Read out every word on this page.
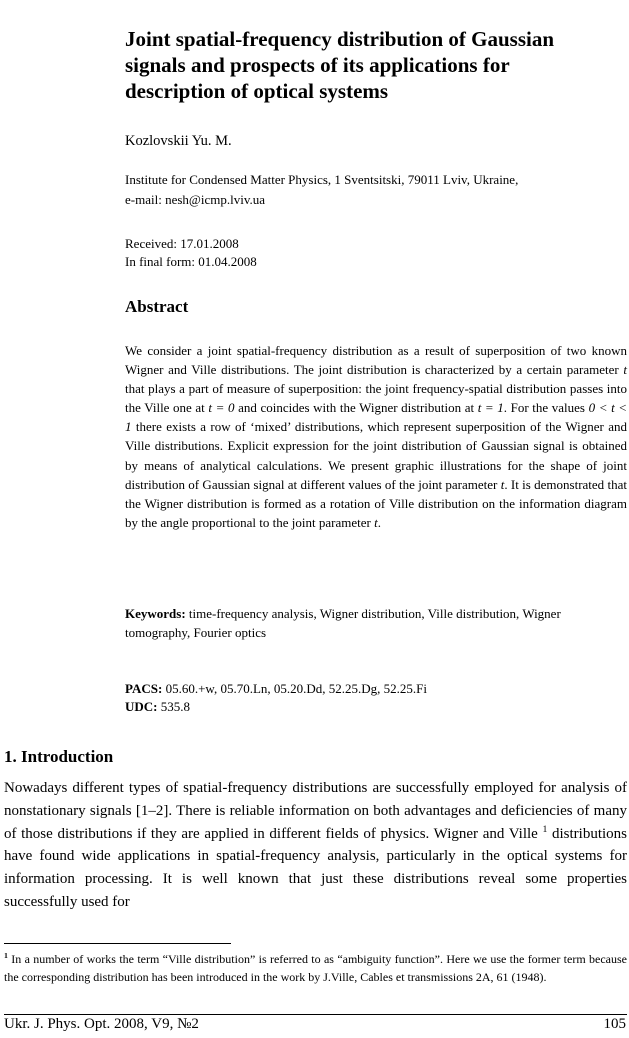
Joint spatial-frequency distribution of Gaussian signals and prospects of its applications for description of optical systems
Kozlovskii Yu. M.
Institute for Condensed Matter Physics, 1 Sventsitski, 79011 Lviv, Ukraine,
e-mail: nesh@icmp.lviv.ua
Received: 17.01.2008
In final form: 01.04.2008
Abstract
We consider a joint spatial-frequency distribution as a result of superposition of two known Wigner and Ville distributions. The joint distribution is characterized by a certain parameter t that plays a part of measure of superposition: the joint frequency-spatial distribution passes into the Ville one at t = 0 and coincides with the Wigner distribution at t = 1. For the values 0 < t < 1 there exists a row of ‘mixed’ distributions, which represent superposition of the Wigner and Ville distributions. Explicit expression for the joint distribution of Gaussian signal is obtained by means of analytical calculations. We present graphic illustrations for the shape of joint distribution of Gaussian signal at different values of the joint parameter t. It is demonstrated that the Wigner distribution is formed as a rotation of Ville distribution on the information diagram by the angle proportional to the joint parameter t.
Keywords: time-frequency analysis, Wigner distribution, Ville distribution, Wigner tomography, Fourier optics
PACS: 05.60.+w, 05.70.Ln, 05.20.Dd, 52.25.Dg, 52.25.Fi
UDC: 535.8
1. Introduction
Nowadays different types of spatial-frequency distributions are successfully employed for analysis of nonstationary signals [1–2]. There is reliable information on both advantages and deficiencies of many of those distributions if they are applied in different fields of physics. Wigner and Ville $^1$ distributions have found wide applications in spatial-frequency analysis, particularly in the optical systems for information processing. It is well known that just these distributions reveal some properties successfully used for
$^1$ In a number of works the term “Ville distribution” is referred to as “ambiguity function”. Here we use the former term because the corresponding distribution has been introduced in the work by J.Ville, Cables et transmissions 2A, 61 (1948).
Ukr. J. Phys. Opt. 2008, V9, №2	105
